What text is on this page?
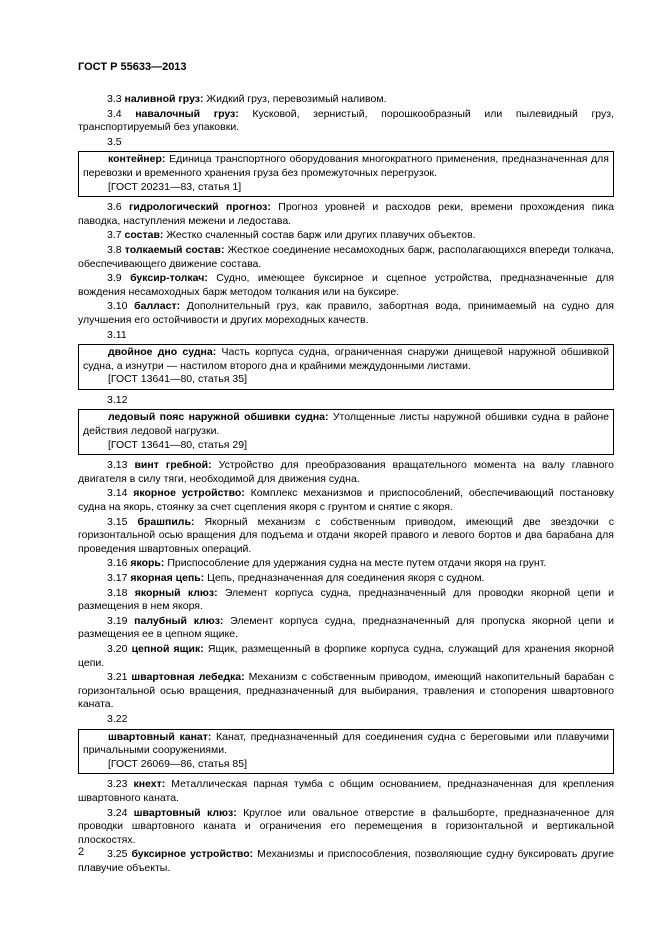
ГОСТ Р 55633—2013

3.3 наливной груз: Жидкий груз, перевозимый наливом.

3.4 навалочный груз: Кусковой, зернистый, порошкообразный или пылевидный груз, транспортируемый без упаковки.

3.5

контейнер: Единица транспортного оборудования многократного применения, предназначенная для перевозки и временного хранения груза без промежуточных перегрузок.

[ГОСТ 20231—83, статья 1]

3.6 гидрологический прогноз: Прогноз уровней и расходов реки, времени прохождения пика паводка, наступления межени и ледостава.

3.7 состав: Жестко счаленный состав барж или других плавучих объектов.

3.8 толкаемый состав: Жесткое соединение несамоходных барж, располагающихся впереди толкача, обеспечивающего движение состава.

3.9 буксир-толкач: Судно, имеющее буксирное и сцепное устройства, предназначенные для вождения несамоходных барж методом толкания или на буксире.

3.10 балласт: Дополнительный груз, как правило, забортная вода, принимаемый на судно для улучшения его остойчивости и других мореходных качеств.

3.11

двойное дно судна: Часть корпуса судна, ограниченная снаружи днищевой наружной обшивкой судна, а изнутри — настилом второго дна и крайними междудонными листами.

[ГОСТ 13641—80, статья 35]

3.12

ледовый пояс наружной обшивки судна: Утолщенные листы наружной обшивки судна в районе действия ледовой нагрузки.

[ГОСТ 13641—80, статья 29]

3.13 винт гребной: Устройство для преобразования вращательного момента на валу главного двигателя в силу тяги, необходимой для движения судна.

3.14 якорное устройство: Комплекс механизмов и приспособлений, обеспечивающий постановку судна на якорь, стоянку за счет сцепления якоря с грунтом и снятие с якоря.

3.15 брашпиль: Якорный механизм с собственным приводом, имеющий две звездочки с горизонтальной осью вращения для подъема и отдачи якорей правого и левого бортов и два барабана для проведения швартовных операций.

3.16 якорь: Приспособление для удержания судна на месте путем отдачи якоря на грунт.

3.17 якорная цепь: Цепь, предназначенная для соединения якоря с судном.

3.18 якорный клюз: Элемент корпуса судна, предназначенный для проводки якорной цепи и размещения в нем якоря.

3.19 палубный клюз: Элемент корпуса судна, предназначенный для пропуска якорной цепи и размещения ее в цепном ящике.

3.20 цепной ящик: Ящик, размещенный в форпике корпуса судна, служащий для хранения якорной цепи.

3.21 швартовная лебедка: Механизм с собственным приводом, имеющий накопительный барабан с горизонтальной осью вращения, предназначенный для выбирания, травления и стопорения швартовного каната.

3.22

швартовный канат: Канат, предназначенный для соединения судна с береговыми или плавучими причальными сооружениями.

[ГОСТ 26069—86, статья 85]

3.23 кнехт: Металлическая парная тумба с общим основанием, предназначенная для крепления швартовного каната.

3.24 швартовный клюз: Круглое или овальное отверстие в фальшборте, предназначенное для проводки швартовного каната и ограничения его перемещения в горизонтальной и вертикальной плоскостях.

3.25 буксирное устройство: Механизмы и приспособления, позволяющие судну буксировать другие плавучие объекты.

2
